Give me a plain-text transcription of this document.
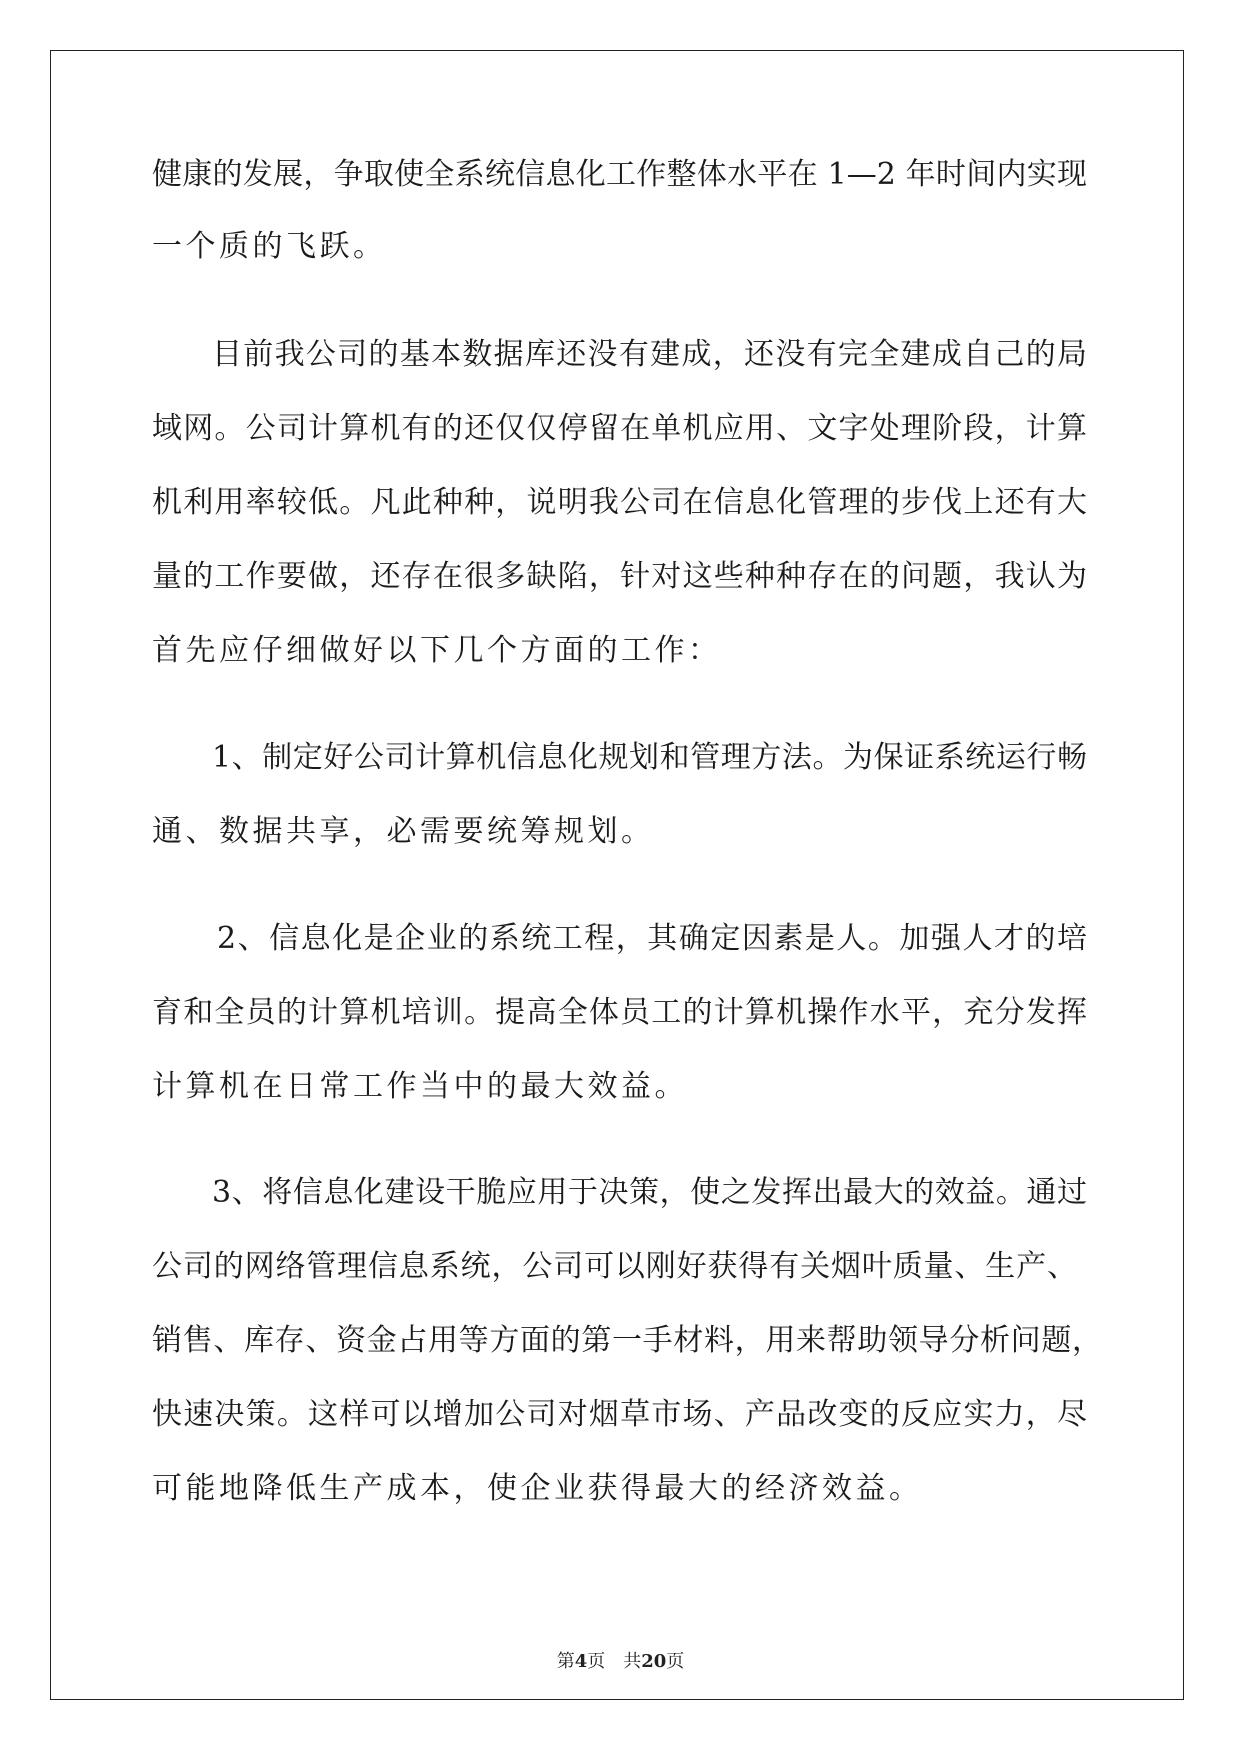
健康的发展，争取使全系统信息化工作整体水平在 1—2 年时间内实现
一个质的飞跃。
目前我公司的基本数据库还没有建成，还没有完全建成自己的局
域网。公司计算机有的还仅仅停留在单机应用、文字处理阶段，计算
机利用率较低。凡此种种，说明我公司在信息化管理的步伐上还有大
量的工作要做，还存在很多缺陷，针对这些种种存在的问题，我认为
首先应仔细做好以下几个方面的工作：
1、制定好公司计算机信息化规划和管理方法。为保证系统运行畅
通、数据共享，必需要统筹规划。
2、信息化是企业的系统工程，其确定因素是人。加强人才的培
育和全员的计算机培训。提高全体员工的计算机操作水平，充分发挥
计算机在日常工作当中的最大效益。
3、将信息化建设干脆应用于决策，使之发挥出最大的效益。通过
公司的网络管理信息系统，公司可以刚好获得有关烟叶质量、生产、
销售、库存、资金占用等方面的第一手材料，用来帮助领导分析问题，
快速决策。这样可以增加公司对烟草市场、产品改变的反应实力，尽
可能地降低生产成本，使企业获得最大的经济效益。
第4页　共20页
